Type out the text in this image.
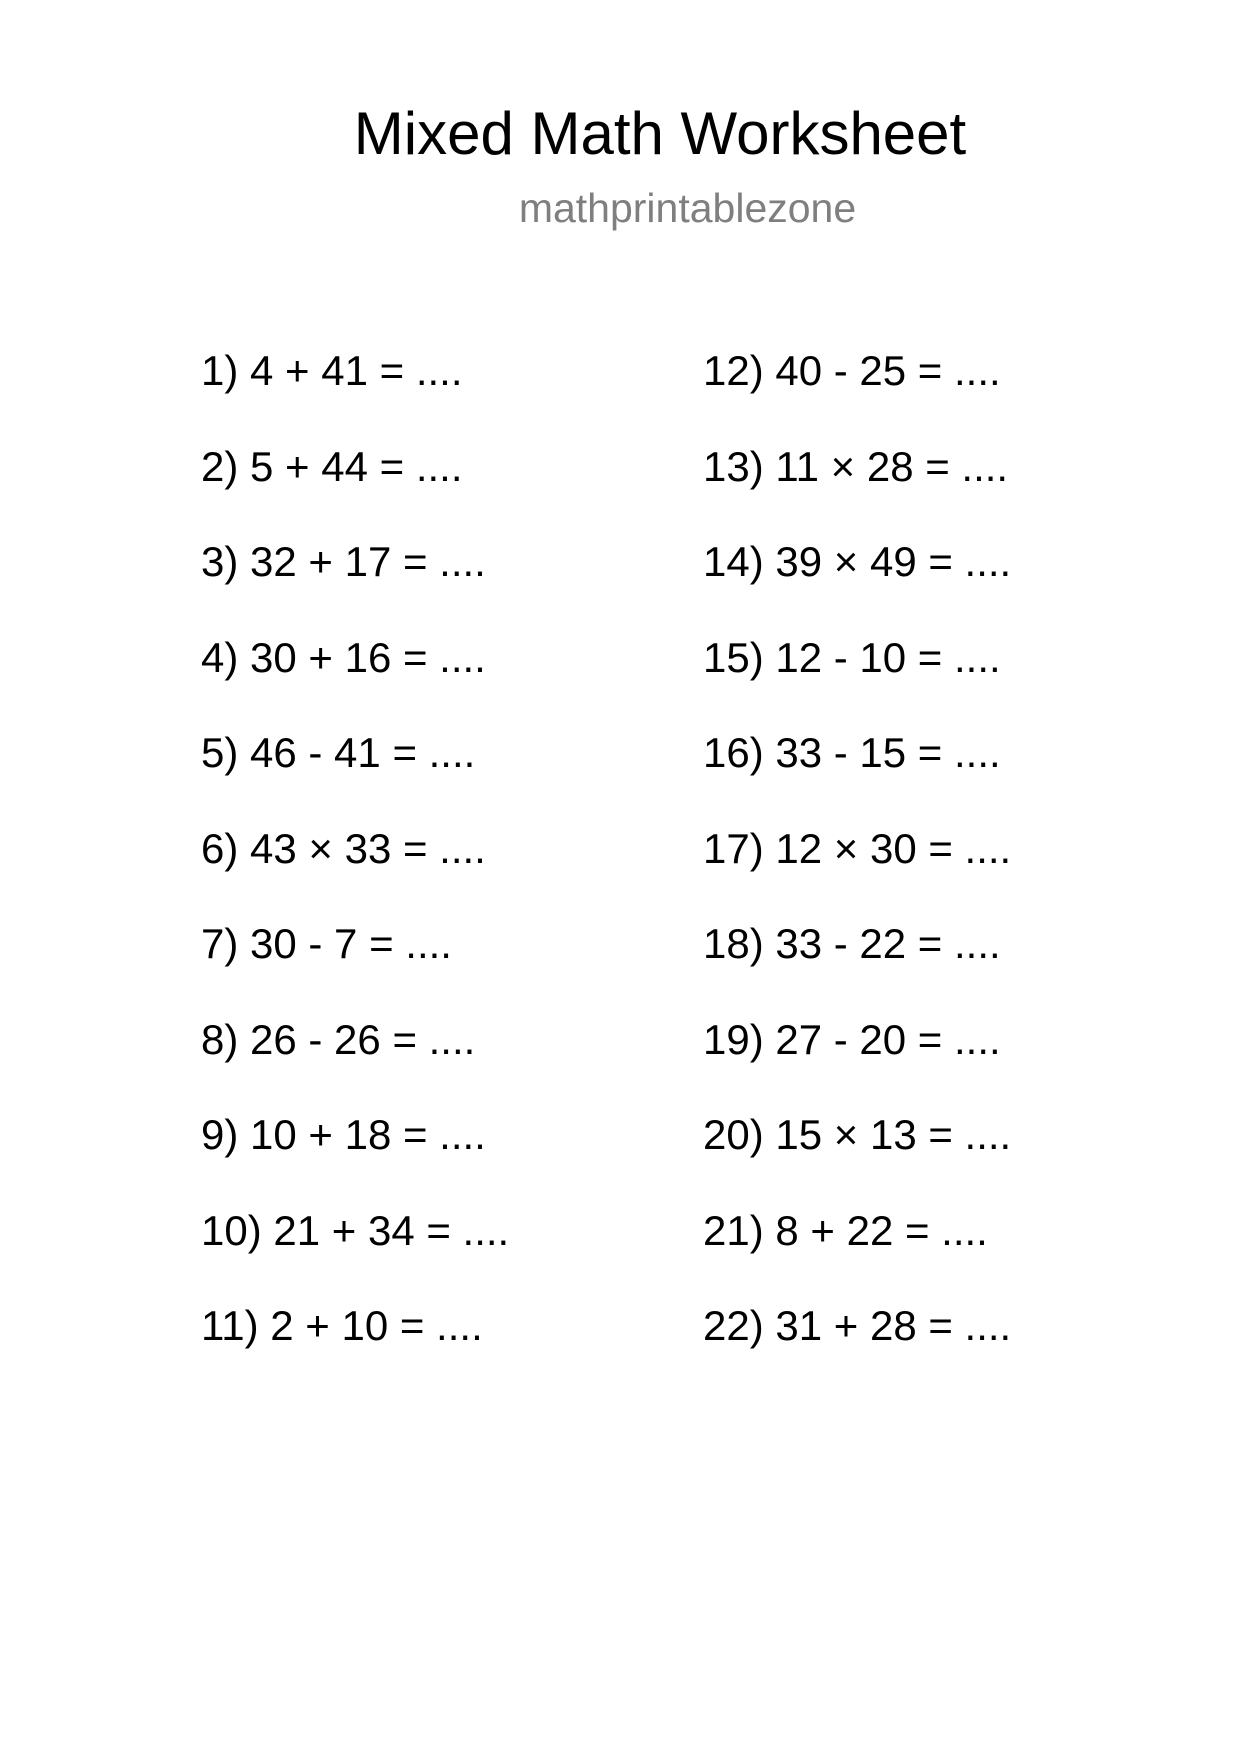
Mixed Math Worksheet
mathprintablezone
1) 4 + 41 = ....
2) 5 + 44 = ....
3) 32 + 17 = ....
4) 30 + 16 = ....
5) 46 - 41 = ....
6) 43 × 33 = ....
7) 30 - 7 = ....
8) 26 - 26 = ....
9) 10 + 18 = ....
10) 21 + 34 = ....
11) 2 + 10 = ....
12) 40 - 25 = ....
13) 11 × 28 = ....
14) 39 × 49 = ....
15) 12 - 10 = ....
16) 33 - 15 = ....
17) 12 × 30 = ....
18) 33 - 22 = ....
19) 27 - 20 = ....
20) 15 × 13 = ....
21) 8 + 22 = ....
22) 31 + 28 = ....
